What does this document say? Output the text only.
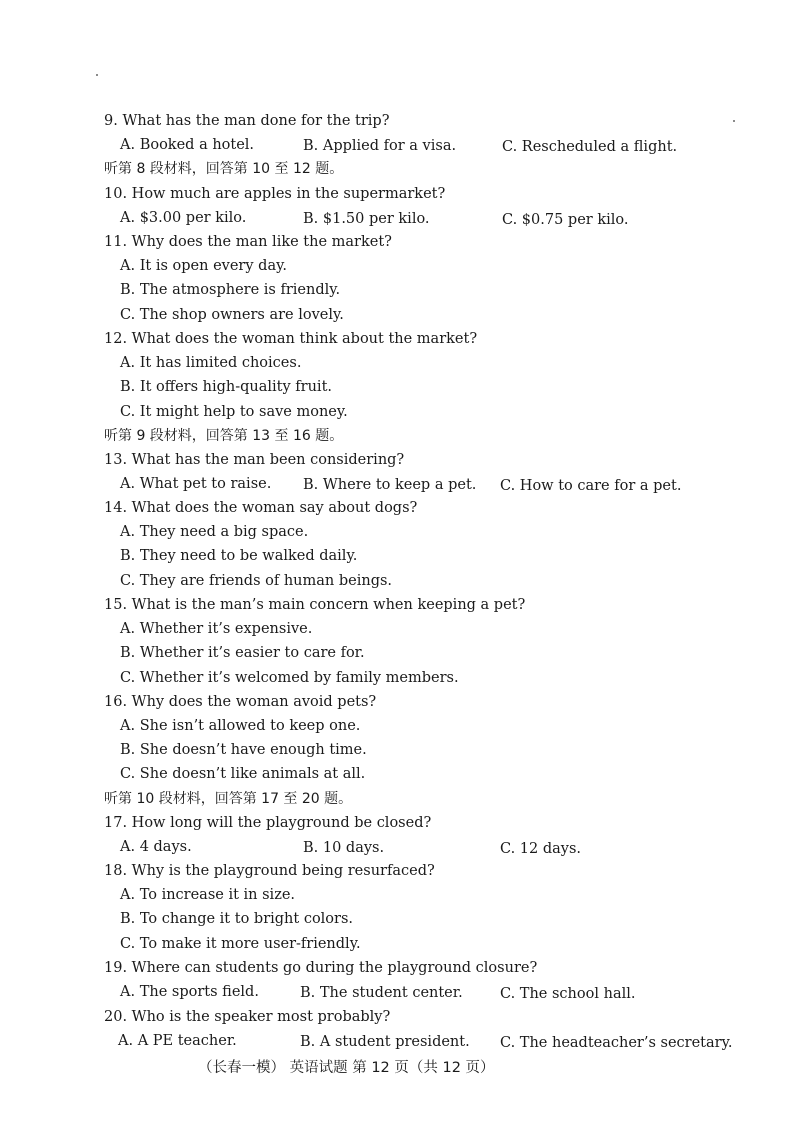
9. What has the man done for the trip?
A. Booked a hotel.	B. Applied for a visa.	C. Rescheduled a flight.
听第 8 段材料，回答第 10 至 12 题。
10. How much are apples in the supermarket?
A. $3.00 per kilo.	B. $1.50 per kilo.	C. $0.75 per kilo.
11. Why does the man like the market?
A. It is open every day.
B. The atmosphere is friendly.
C. The shop owners are lovely.
12. What does the woman think about the market?
A. It has limited choices.
B. It offers high-quality fruit.
C. It might help to save money.
听第 9 段材料，回答第 13 至 16 题。
13. What has the man been considering?
A. What pet to raise. B. Where to keep a pet. C. How to care for a pet.
14. What does the woman say about dogs?
A. They need a big space.
B. They need to be walked daily.
C. They are friends of human beings.
15. What is the man’s main concern when keeping a pet?
A. Whether it’s expensive.
B. Whether it’s easier to care for.
C. Whether it’s welcomed by family members.
16. Why does the woman avoid pets?
A. She isn’t allowed to keep one.
B. She doesn’t have enough time.
C. She doesn’t like animals at all.
听第 10 段材料，回答第 17 至 20 题。
17. How long will the playground be closed?
A. 4 days.	B. 10 days.	C. 12 days.
18. Why is the playground being resurfaced?
A. To increase it in size.
B. To change it to bright colors.
C. To make it more user-friendly.
19. Where can students go during the playground closure?
A. The sports field.	B. The student center.	C. The school hall.
20. Who is the speaker most probably?
A. A PE teacher.	B. A student president. C. The headteacher’s secretary.
（长春一模） 英语试题 第 12 页（共 12 页）
